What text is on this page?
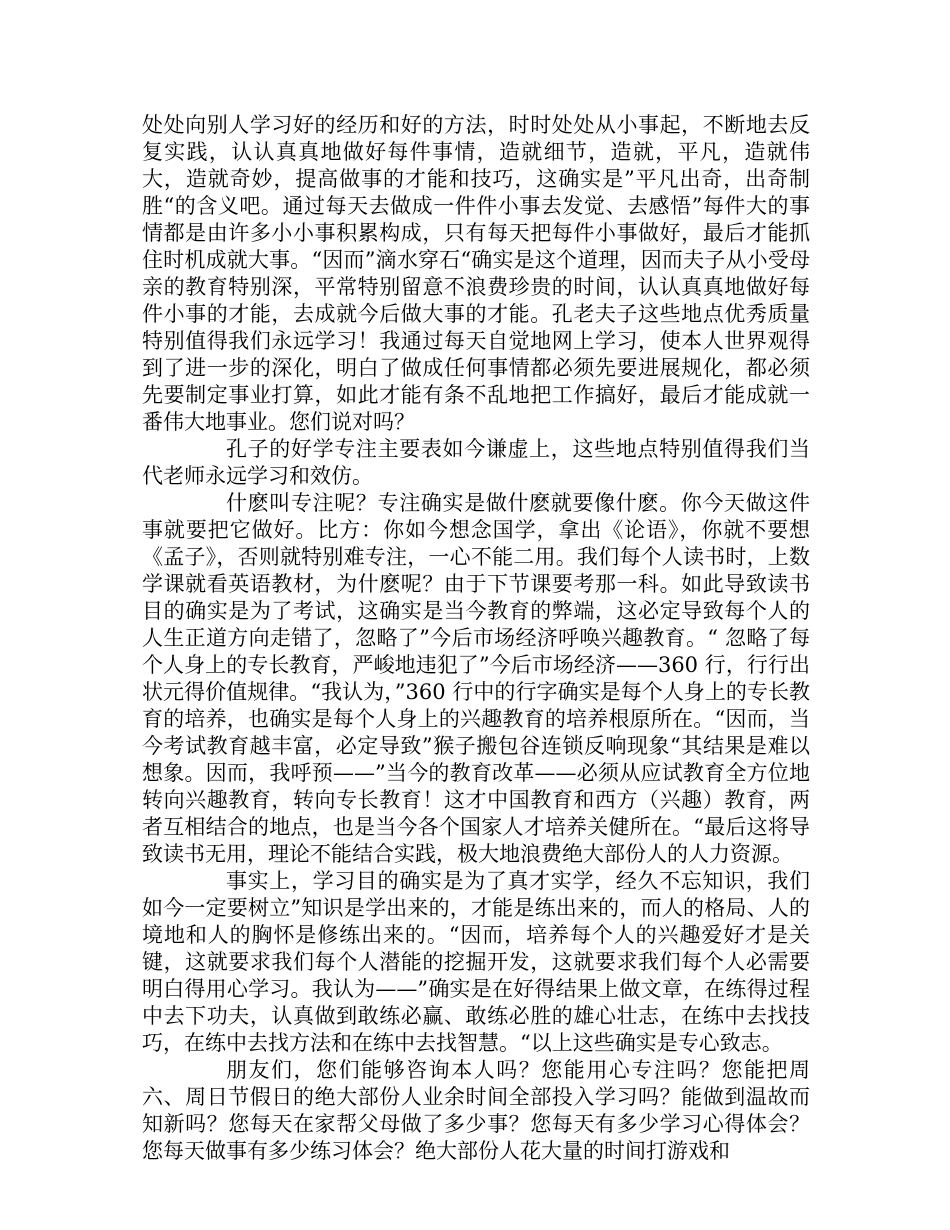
处处向别人学习好的经历和好的方法，时时处处从小事起，不断地去反复实践，认认真真地做好每件事情，造就细节，造就，平凡，造就伟大，造就奇妙，提高做事的才能和技巧，这确实是”平凡出奇，出奇制胜“的含义吧。通过每天去做成一件件小事去发觉、去感悟”每件大的事情都是由许多小小事积累构成，只有每天把每件小事做好，最后才能抓住时机成就大事。“因而”滴水穿石“确实是这个道理，因而夫子从小受母亲的教育特别深，平常特别留意不浪费珍贵的时间，认认真真地做好每件小事的才能，去成就今后做大事的才能。孔老夫子这些地点优秀质量特别值得我们永远学习！我通过每天自觉地网上学习，使本人世界观得到了进一步的深化，明白了做成任何事情都必须先要进展规化，都必须先要制定事业打算，如此才能有条不乱地把工作搞好，最后才能成就一番伟大地事业。您们说对吗？

孔子的好学专注主要表如今谦虚上，这些地点特别值得我们当代老师永远学习和效仿。

什麽叫专注呢？专注确实是做什麽就要像什麽。你今天做这件事就要把它做好。比方：你如今想念国学，拿出《论语》，你就不要想《孟子》，否则就特别难专注，一心不能二用。我们每个人读书时，上数学课就看英语教材，为什麽呢？由于下节课要考那一科。如此导致读书目的确实是为了考试，这确实是当今教育的弊端，这必定导致每个人的人生正道方向走错了，忽略了”今后市场经济呼唤兴趣教育。“ 忽略了每个人身上的专长教育，严峻地违犯了”今后市场经济——360 行，行行出状元得价值规律。“我认为，”360 行中的行字确实是每个人身上的专长教育的培养，也确实是每个人身上的兴趣教育的培养根原所在。“因而，当今考试教育越丰富，必定导致”猴子搬包谷连锁反响现象“其结果是难以想象。因而，我呼预——”当今的教育改革——必须从应试教育全方位地转向兴趣教育，转向专长教育！这才中国教育和西方（兴趣）教育，两者互相结合的地点，也是当今各个国家人才培养关健所在。“最后这将导致读书无用，理论不能结合实践，极大地浪费绝大部份人的人力资源。

事实上，学习目的确实是为了真才实学，经久不忘知识，我们如今一定要树立”知识是学出来的，才能是练出来的，而人的格局、人的境地和人的胸怀是修练出来的。“因而，培养每个人的兴趣爱好才是关键，这就要求我们每个人潜能的挖掘开发，这就要求我们每个人必需要明白得用心学习。我认为——”确实是在好得结果上做文章，在练得过程中去下功夫，认真做到敢练必赢、敢练必胜的雄心壮志，在练中去找技巧，在练中去找方法和在练中去找智慧。“以上这些确实是专心致志。

朋友们，您们能够咨询本人吗？您能用心专注吗？您能把周六、周日节假日的绝大部份人业余时间全部投入学习吗？能做到温故而知新吗？您每天在家帮父母做了多少事？您每天有多少学习心得体会？您每天做事有多少练习体会？绝大部份人花大量的时间打游戏和
